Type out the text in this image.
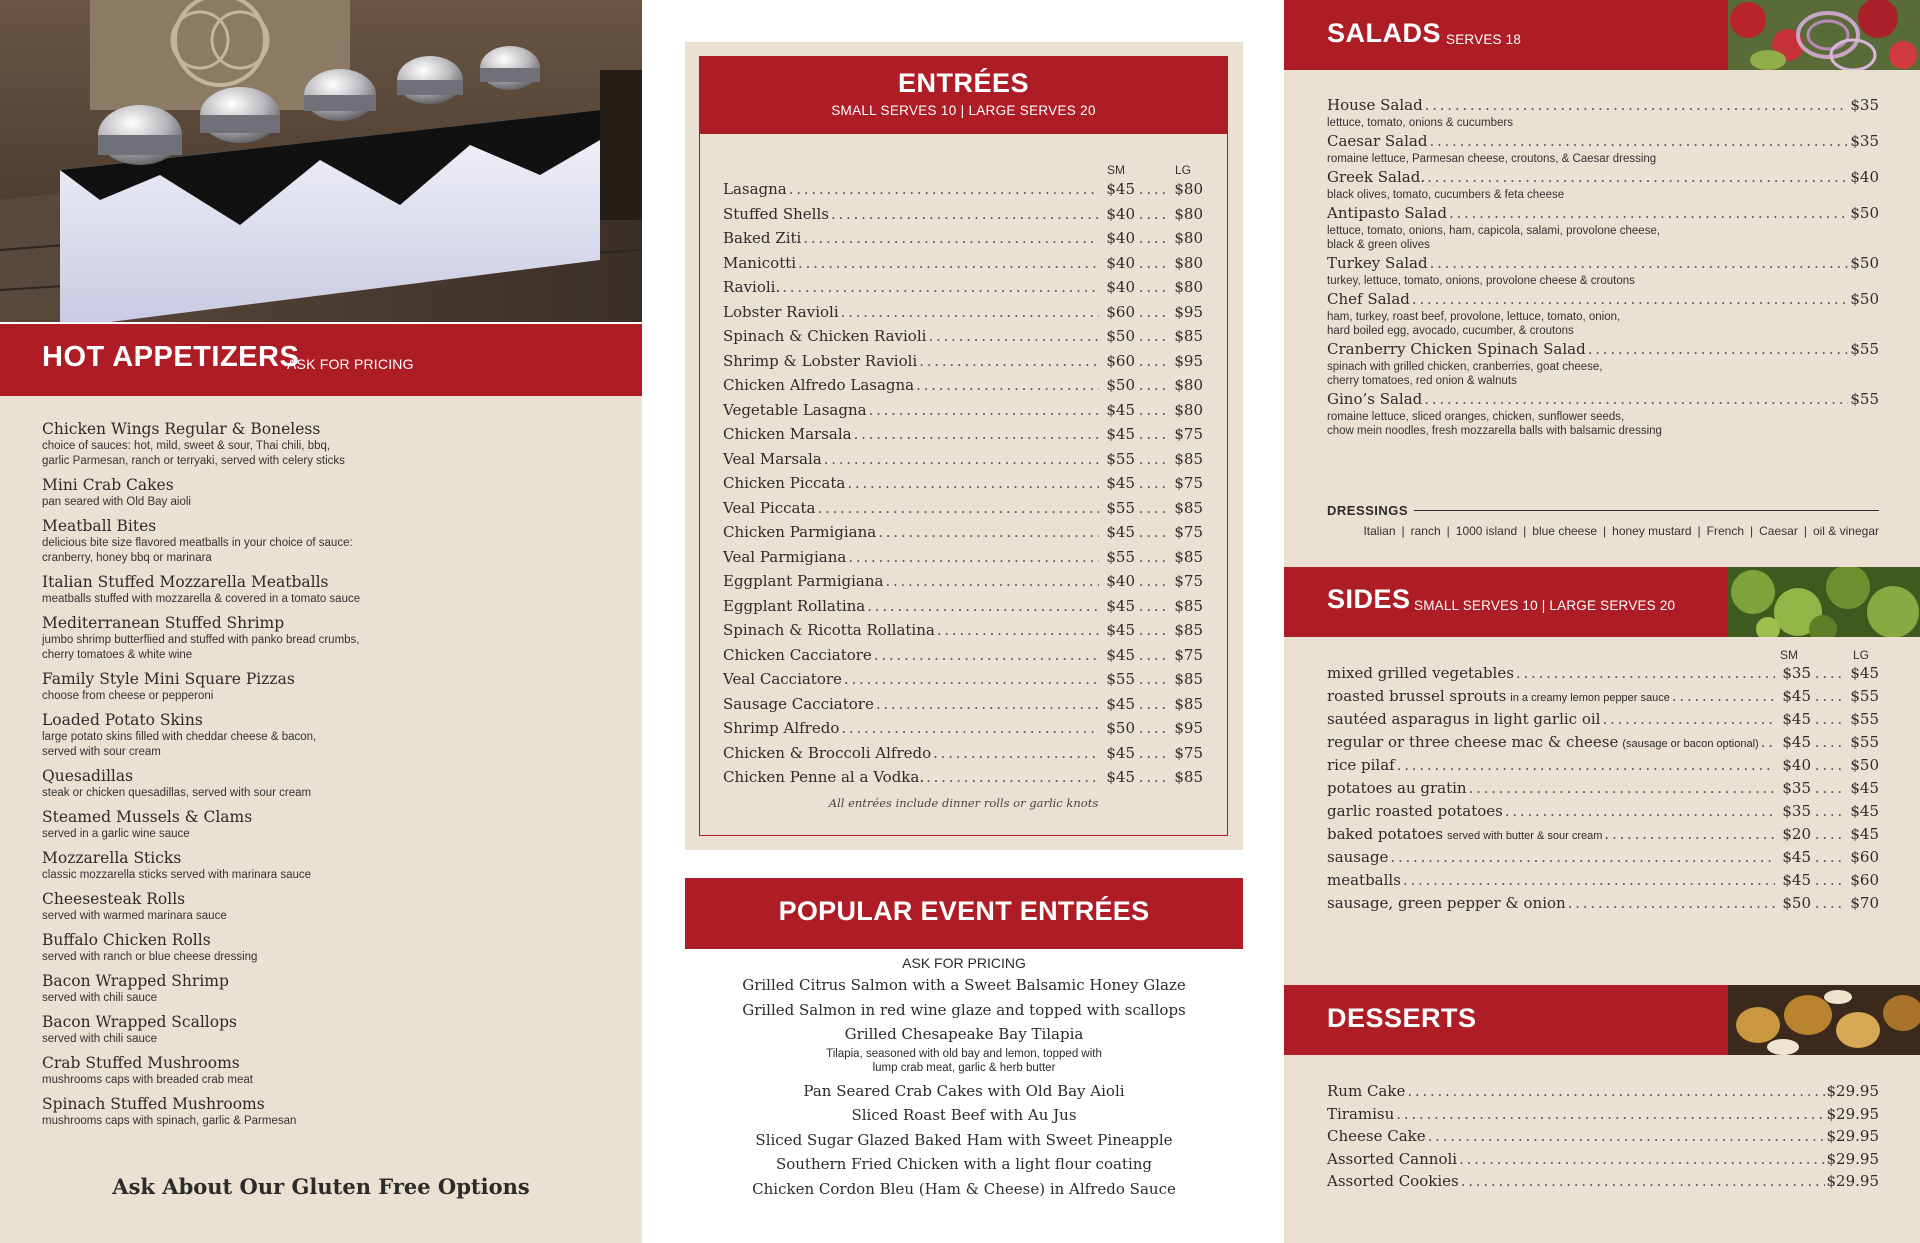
HOT APPETIZERS
ASK FOR PRICING
Chicken Wings Regular & Boneless
choice of sauces: hot, mild, sweet & sour, Thai chili, bbq,
garlic Parmesan, ranch or terryaki, served with celery sticks
Mini Crab Cakes
pan seared with Old Bay aioli
Meatball Bites
delicious bite size flavored meatballs in your choice of sauce:
cranberry, honey bbq or marinara
Italian Stuffed Mozzarella Meatballs
meatballs stuffed with mozzarella & covered in a tomato sauce
Mediterranean Stuffed Shrimp
jumbo shrimp butterflied and stuffed with panko bread crumbs,
cherry tomatoes & white wine
Family Style Mini Square Pizzas
choose from cheese or pepperoni
Loaded Potato Skins
large potato skins filled with cheddar cheese & bacon,
served with sour cream
Quesadillas
steak or chicken quesadillas, served with sour cream
Steamed Mussels & Clams
served in a garlic wine sauce
Mozzarella Sticks
classic mozzarella sticks served with marinara sauce
Cheesesteak Rolls
served with warmed marinara sauce
Buffalo Chicken Rolls
served with ranch or blue cheese dressing
Bacon Wrapped Shrimp
served with chili sauce
Bacon Wrapped Scallops
served with chili sauce
Crab Stuffed Mushrooms
mushrooms caps with breaded crab meat
Spinach Stuffed Mushrooms
mushrooms caps with spinach, garlic & Parmesan
Ask About Our Gluten Free Options
ENTRÉES
SMALL SERVES 10 | LARGE SERVES 20
SM	LG
Lasagna . . .	$45 . . . . $80
Stuffed Shells . . .	$40 . . . . $80
Baked Ziti . . .	$40 . . . . $80
Manicotti . . .	$40 . . . . $80
Ravioli. . . .	$40 . . . . $80
Lobster Ravioli . . .	$60 . . . . $95
Spinach & Chicken Ravioli . . .	$50 . . . . $85
Shrimp & Lobster Ravioli . . .	$60 . . . . $95
Chicken Alfredo Lasagna . . .	$50 . . . . $80
Vegetable Lasagna . . .	$45 . . . . $80
Chicken Marsala . . .	$45 . . . . $75
Veal Marsala . . .	$55 . . . . $85
Chicken Piccata . . .	$45 . . . . $75
Veal Piccata . . .	$55 . . . . $85
Chicken Parmigiana . . .	$45 . . . . $75
Veal Parmigiana . . .	$55 . . . . $85
Eggplant Parmigiana . . .	$40 . . . . $75
Eggplant Rollatina . . .	$45 . . . . $85
Spinach & Ricotta Rollatina . . .	$45 . . . . $85
Chicken Cacciatore . . .	$45 . . . . $75
Veal Cacciatore . . .	$55 . . . . $85
Sausage Cacciatore . . .	$45 . . . . $85
Shrimp Alfredo . . .	$50 . . . . $95
Chicken & Broccoli Alfredo . . .	$45 . . . . $75
Chicken Penne al a Vodka. . . .	$45 . . . . $85
All entrées include dinner rolls or garlic knots
POPULAR EVENT ENTRÉES
ASK FOR PRICING
Grilled Citrus Salmon with a Sweet Balsamic Honey Glaze
Grilled Salmon in red wine glaze and topped with scallops
Grilled Chesapeake Bay Tilapia
Tilapia, seasoned with old bay and lemon, topped with
lump crab meat, garlic & herb butter
Pan Seared Crab Cakes with Old Bay Aioli
Sliced Roast Beef with Au Jus
Sliced Sugar Glazed Baked Ham with Sweet Pineapple
Southern Fried Chicken with a light flour coating
Chicken Cordon Bleu (Ham & Cheese) in Alfredo Sauce
SALADS SERVES 18
House Salad . . .	$35
lettuce, tomato, onions & cucumbers
Caesar Salad . . .	$35
romaine lettuce, Parmesan cheese, croutons, & Caesar dressing
Greek Salad. . . .	$40
black olives, tomato, cucumbers & feta cheese
Antipasto Salad . . .	$50
lettuce, tomato, onions, ham, capicola, salami, provolone cheese,
black & green olives
Turkey Salad . . .	$50
turkey, lettuce, tomato, onions, provolone cheese & croutons
Chef Salad . . .	$50
ham, turkey, roast beef, provolone, lettuce, tomato, onion,
hard boiled egg, avocado, cucumber, & croutons
Cranberry Chicken Spinach Salad . . .	$55
spinach with grilled chicken, cranberries, goat cheese,
cherry tomatoes, red onion & walnuts
Gino’s Salad . . .	$55
romaine lettuce, sliced oranges, chicken, sunflower seeds,
chow mein noodles, fresh mozzarella balls with balsamic dressing
DRESSINGS
Italian | ranch | 1000 island | blue cheese | honey mustard | French | Caesar | oil & vinegar
SIDES SMALL SERVES 10 | LARGE SERVES 20
SM	LG
mixed grilled vegetables . . .	$35 . . . . $45
roasted brussel sprouts in a creamy lemon pepper sauce . . .	$45 . . . . $55
sautéed asparagus in light garlic oil . . .	$45 . . . . $55
regular or three cheese mac & cheese (sausage or bacon optional) . . .	$45 . . . . $55
rice pilaf . . .	$40 . . . . $50
potatoes au gratin . . .	$35 . . . . $45
garlic roasted potatoes . . .	$35 . . . . $45
baked potatoes served with butter & sour cream . . .	$20 . . . . $45
sausage . . .	$45 . . . . $60
meatballs . . .	$45 . . . . $60
sausage, green pepper & onion . . .	$50 . . . . $70
DESSERTS
Rum Cake . . .	$29.95
Tiramisu . . .	$29.95
Cheese Cake . . .	$29.95
Assorted Cannoli . . .	$29.95
Assorted Cookies . . .	$29.95
